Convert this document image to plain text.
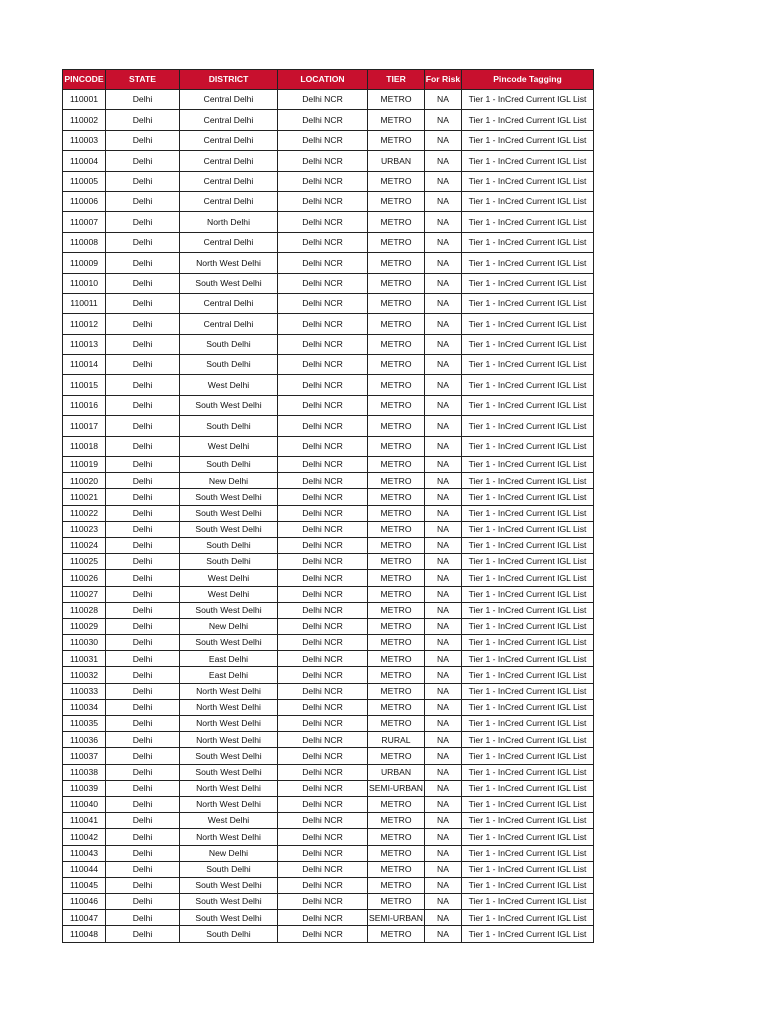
PINCODE	STATE	DISTRICT	LOCATION	TIER	For Risk	Pincode Tagging
110001	Delhi	Central Delhi	Delhi NCR	METRO	NA	Tier 1 - InCred Current IGL List
110002	Delhi	Central Delhi	Delhi NCR	METRO	NA	Tier 1 - InCred Current IGL List
110003	Delhi	Central Delhi	Delhi NCR	METRO	NA	Tier 1 - InCred Current IGL List
110004	Delhi	Central Delhi	Delhi NCR	URBAN	NA	Tier 1 - InCred Current IGL List
110005	Delhi	Central Delhi	Delhi NCR	METRO	NA	Tier 1 - InCred Current IGL List
110006	Delhi	Central Delhi	Delhi NCR	METRO	NA	Tier 1 - InCred Current IGL List
110007	Delhi	North Delhi	Delhi NCR	METRO	NA	Tier 1 - InCred Current IGL List
110008	Delhi	Central Delhi	Delhi NCR	METRO	NA	Tier 1 - InCred Current IGL List
110009	Delhi	North West Delhi	Delhi NCR	METRO	NA	Tier 1 - InCred Current IGL List
110010	Delhi	South West Delhi	Delhi NCR	METRO	NA	Tier 1 - InCred Current IGL List
110011	Delhi	Central Delhi	Delhi NCR	METRO	NA	Tier 1 - InCred Current IGL List
110012	Delhi	Central Delhi	Delhi NCR	METRO	NA	Tier 1 - InCred Current IGL List
110013	Delhi	South Delhi	Delhi NCR	METRO	NA	Tier 1 - InCred Current IGL List
110014	Delhi	South Delhi	Delhi NCR	METRO	NA	Tier 1 - InCred Current IGL List
110015	Delhi	West Delhi	Delhi NCR	METRO	NA	Tier 1 - InCred Current IGL List
110016	Delhi	South West Delhi	Delhi NCR	METRO	NA	Tier 1 - InCred Current IGL List
110017	Delhi	South Delhi	Delhi NCR	METRO	NA	Tier 1 - InCred Current IGL List
110018	Delhi	West Delhi	Delhi NCR	METRO	NA	Tier 1 - InCred Current IGL List
110019	Delhi	South Delhi	Delhi NCR	METRO	NA	Tier 1 - InCred Current IGL List
110020	Delhi	New Delhi	Delhi NCR	METRO	NA	Tier 1 - InCred Current IGL List
110021	Delhi	South West Delhi	Delhi NCR	METRO	NA	Tier 1 - InCred Current IGL List
110022	Delhi	South West Delhi	Delhi NCR	METRO	NA	Tier 1 - InCred Current IGL List
110023	Delhi	South West Delhi	Delhi NCR	METRO	NA	Tier 1 - InCred Current IGL List
110024	Delhi	South Delhi	Delhi NCR	METRO	NA	Tier 1 - InCred Current IGL List
110025	Delhi	South Delhi	Delhi NCR	METRO	NA	Tier 1 - InCred Current IGL List
110026	Delhi	West Delhi	Delhi NCR	METRO	NA	Tier 1 - InCred Current IGL List
110027	Delhi	West Delhi	Delhi NCR	METRO	NA	Tier 1 - InCred Current IGL List
110028	Delhi	South West Delhi	Delhi NCR	METRO	NA	Tier 1 - InCred Current IGL List
110029	Delhi	New Delhi	Delhi NCR	METRO	NA	Tier 1 - InCred Current IGL List
110030	Delhi	South West Delhi	Delhi NCR	METRO	NA	Tier 1 - InCred Current IGL List
110031	Delhi	East Delhi	Delhi NCR	METRO	NA	Tier 1 - InCred Current IGL List
110032	Delhi	East Delhi	Delhi NCR	METRO	NA	Tier 1 - InCred Current IGL List
110033	Delhi	North West Delhi	Delhi NCR	METRO	NA	Tier 1 - InCred Current IGL List
110034	Delhi	North West Delhi	Delhi NCR	METRO	NA	Tier 1 - InCred Current IGL List
110035	Delhi	North West Delhi	Delhi NCR	METRO	NA	Tier 1 - InCred Current IGL List
110036	Delhi	North West Delhi	Delhi NCR	RURAL	NA	Tier 1 - InCred Current IGL List
110037	Delhi	South West Delhi	Delhi NCR	METRO	NA	Tier 1 - InCred Current IGL List
110038	Delhi	South West Delhi	Delhi NCR	URBAN	NA	Tier 1 - InCred Current IGL List
110039	Delhi	North West Delhi	Delhi NCR	SEMI-URBAN	NA	Tier 1 - InCred Current IGL List
110040	Delhi	North West Delhi	Delhi NCR	METRO	NA	Tier 1 - InCred Current IGL List
110041	Delhi	West Delhi	Delhi NCR	METRO	NA	Tier 1 - InCred Current IGL List
110042	Delhi	North West Delhi	Delhi NCR	METRO	NA	Tier 1 - InCred Current IGL List
110043	Delhi	New Delhi	Delhi NCR	METRO	NA	Tier 1 - InCred Current IGL List
110044	Delhi	South Delhi	Delhi NCR	METRO	NA	Tier 1 - InCred Current IGL List
110045	Delhi	South West Delhi	Delhi NCR	METRO	NA	Tier 1 - InCred Current IGL List
110046	Delhi	South West Delhi	Delhi NCR	METRO	NA	Tier 1 - InCred Current IGL List
110047	Delhi	South West Delhi	Delhi NCR	SEMI-URBAN	NA	Tier 1 - InCred Current IGL List
110048	Delhi	South Delhi	Delhi NCR	METRO	NA	Tier 1 - InCred Current IGL List
